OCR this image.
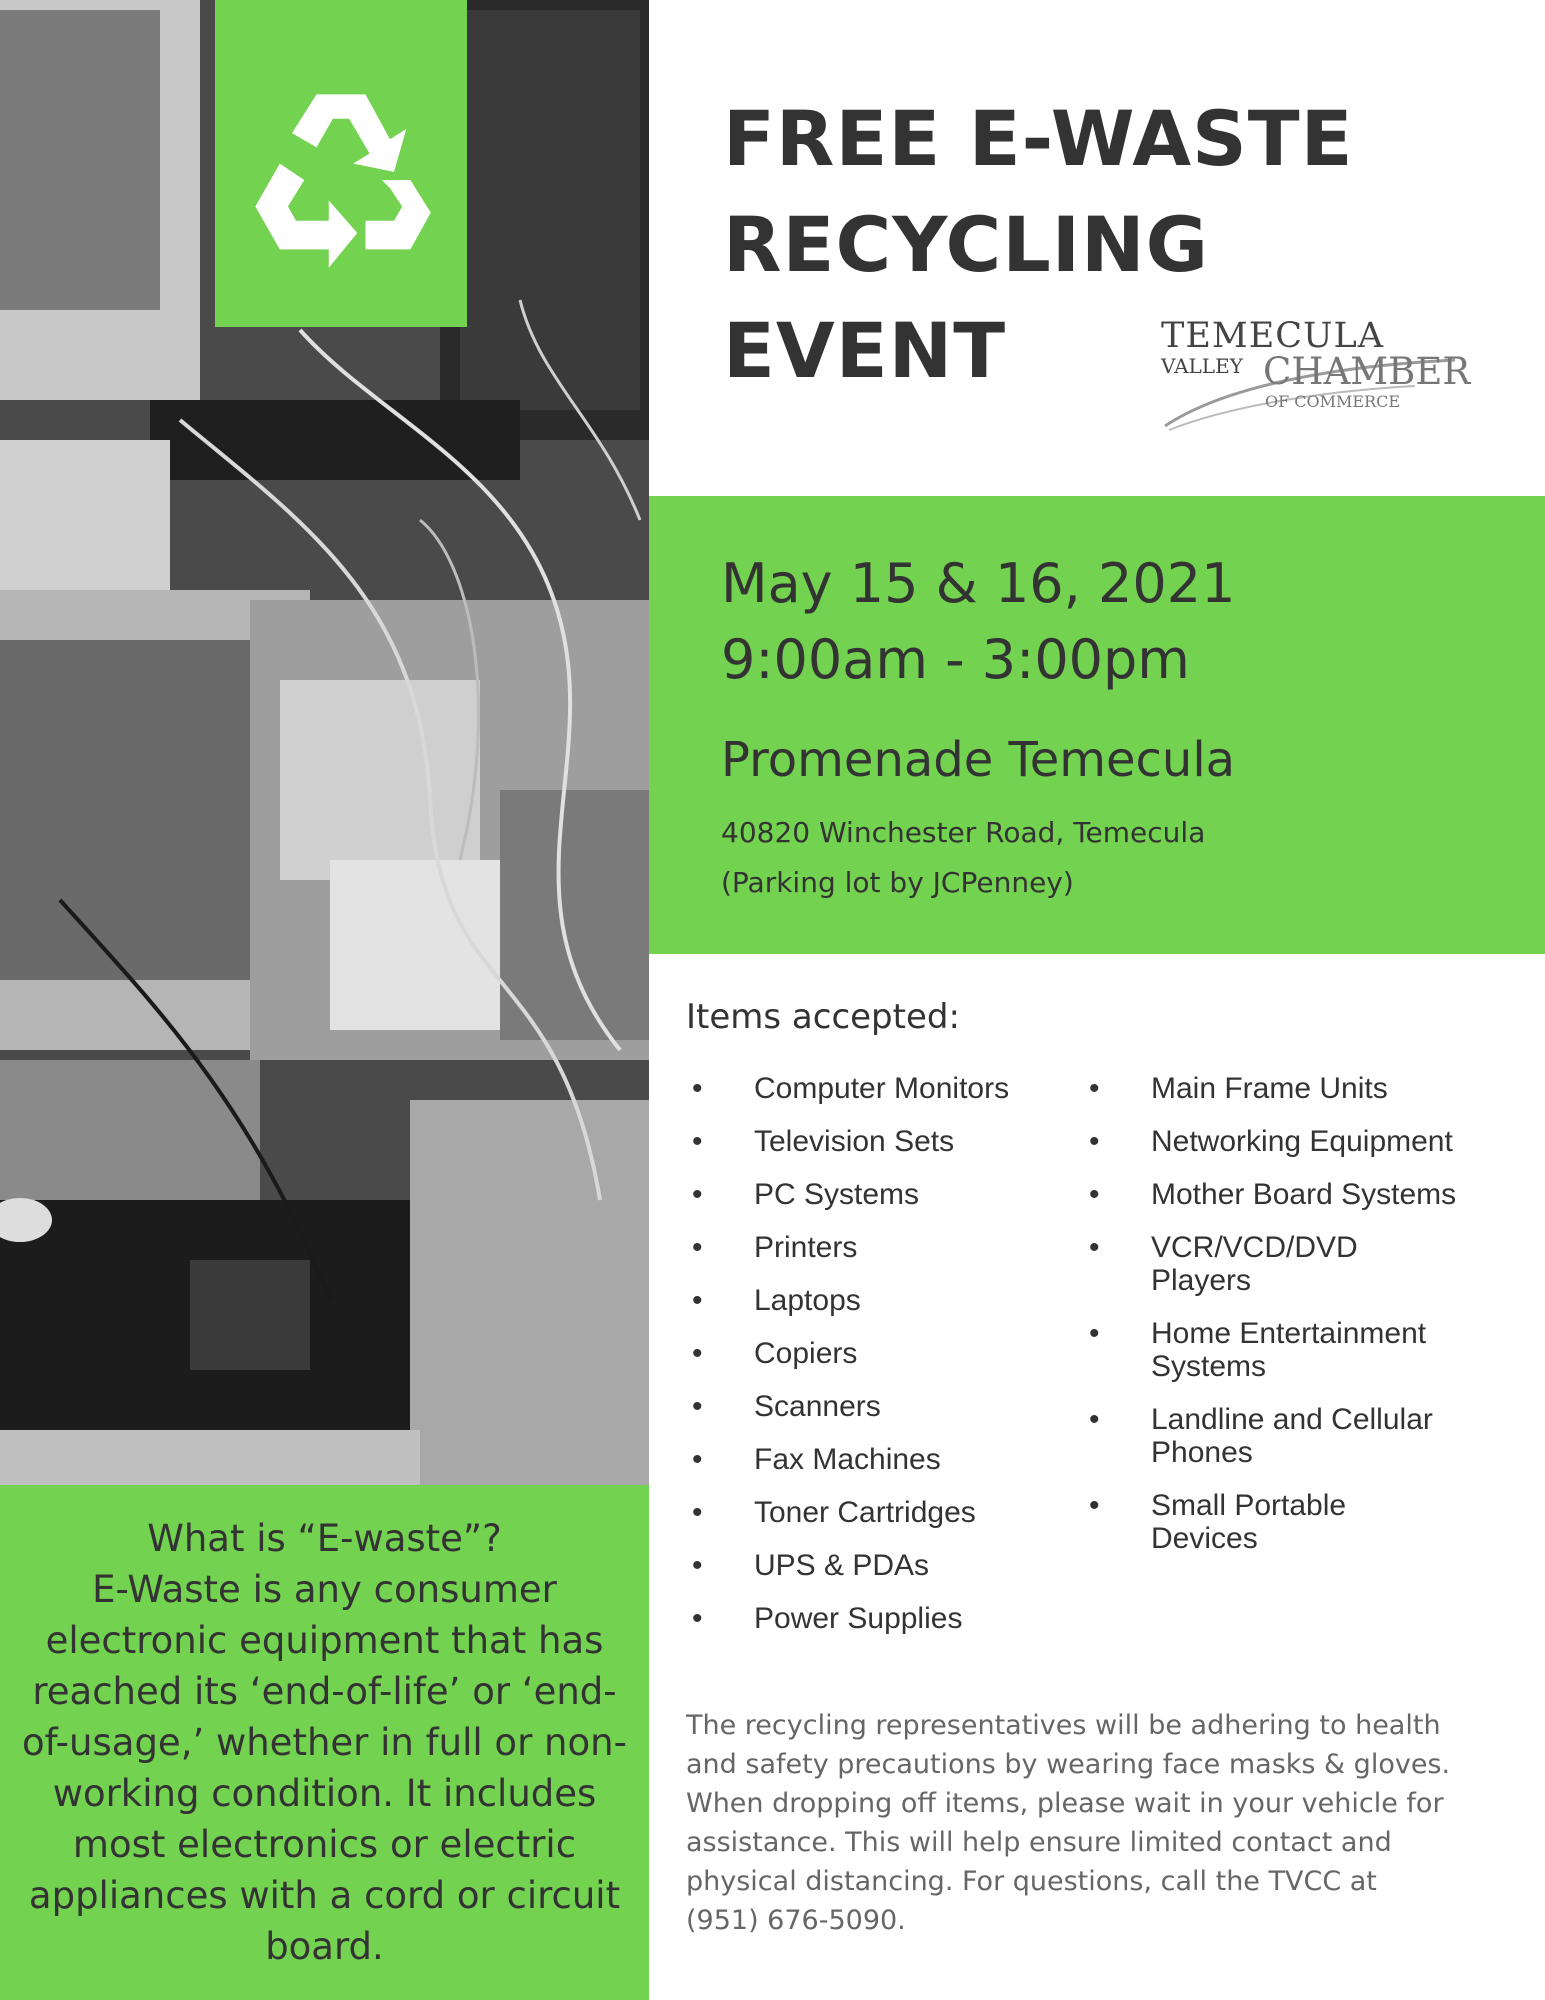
FREE E-WASTE
RECYCLING
EVENT	TEMECULA
VALLEY CHAMBER
OF COMMERCE
May 15 & 16, 2021
9:00am - 3:00pm
Promenade Temecula
40820 Winchester Road, Temecula
(Parking lot by JCPenney)
Items accepted:
• Computer Monitors
• Television Sets
• PC Systems
• Printers
• Laptops
• Copiers
• Scanners
• Fax Machines
• Toner Cartridges
• UPS & PDAs
• Power Supplies
• Main Frame Units
• Networking Equipment
• Mother Board Systems
• VCR/VCD/DVD Players
• Home Entertainment Systems
• Landline and Cellular Phones
• Small Portable Devices
The recycling representatives will be adhering to health and safety precautions by wearing face masks & gloves. When dropping off items, please wait in your vehicle for assistance. This will help ensure limited contact and physical distancing. For questions, call the TVCC at (951) 676-5090.
What is “E-waste”?
E-Waste is any consumer electronic equipment that has reached its ‘end-of-life’ or ‘end-of-usage,’ whether in full or non-working condition. It includes most electronics or electric appliances with a cord or circuit board.
